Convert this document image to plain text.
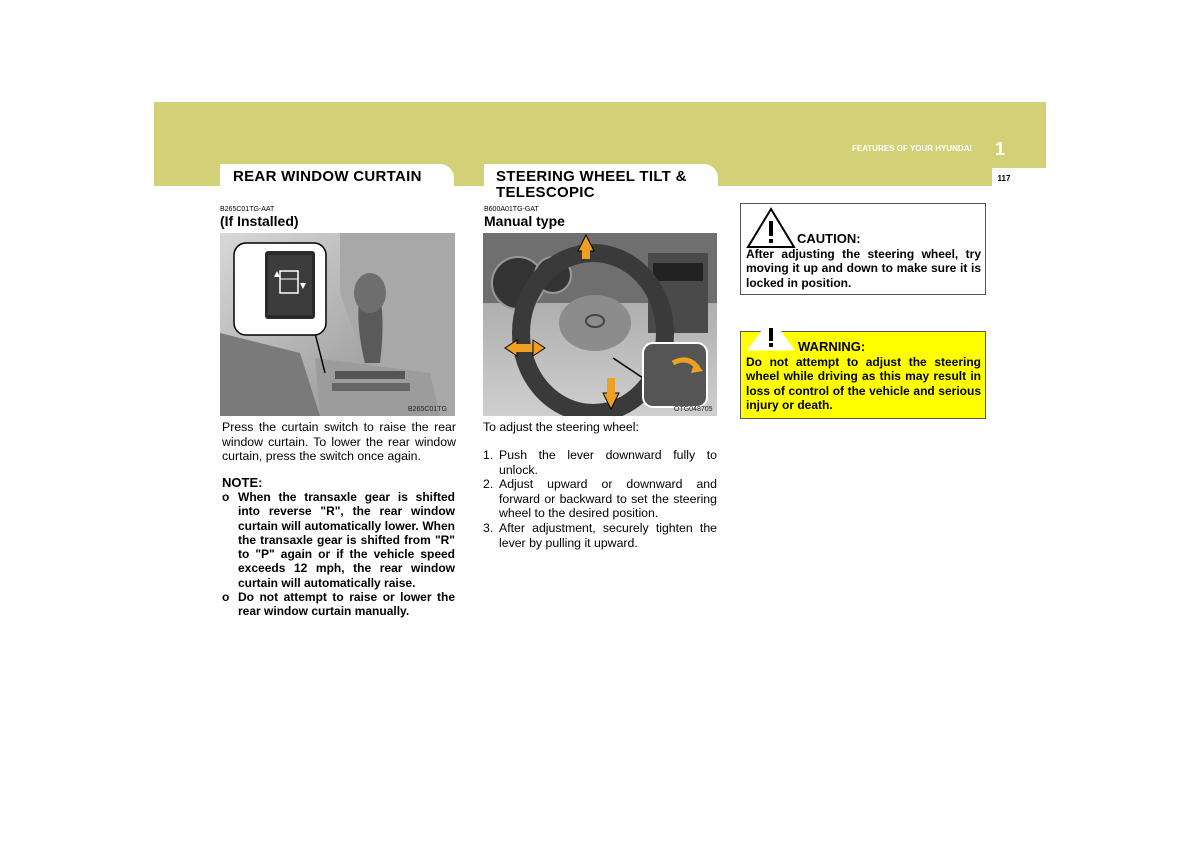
FEATURES OF YOUR HYUNDAI 1
117
REAR WINDOW CURTAIN
B265C01TG-AAT
(If Installed)
B265C01TG
Press the curtain switch to raise the rear window curtain. To lower the rear window curtain, press the switch once again.
NOTE:
o When the transaxle gear is shifted into reverse "R", the rear window curtain will automatically lower. When the transaxle gear is shifted from "R" to "P" again or if the vehicle speed exceeds 12 mph, the rear window curtain will automatically raise.
o Do not attempt to raise or lower the rear window curtain manually.
STEERING WHEEL TILT &
TELESCOPIC
B600A01TG-GAT
Manual type
OTG048705
To adjust the steering wheel:
1. Push the lever downward fully to unlock.
2. Adjust upward or downward and forward or backward to set the steering wheel to the desired position.
3. After adjustment, securely tighten the lever by pulling it upward.
CAUTION:
After adjusting the steering wheel, try moving it up and down to make sure it is locked in position.
WARNING:
Do not attempt to adjust the steering wheel while driving as this may result in loss of control of the vehicle and serious injury or death.
